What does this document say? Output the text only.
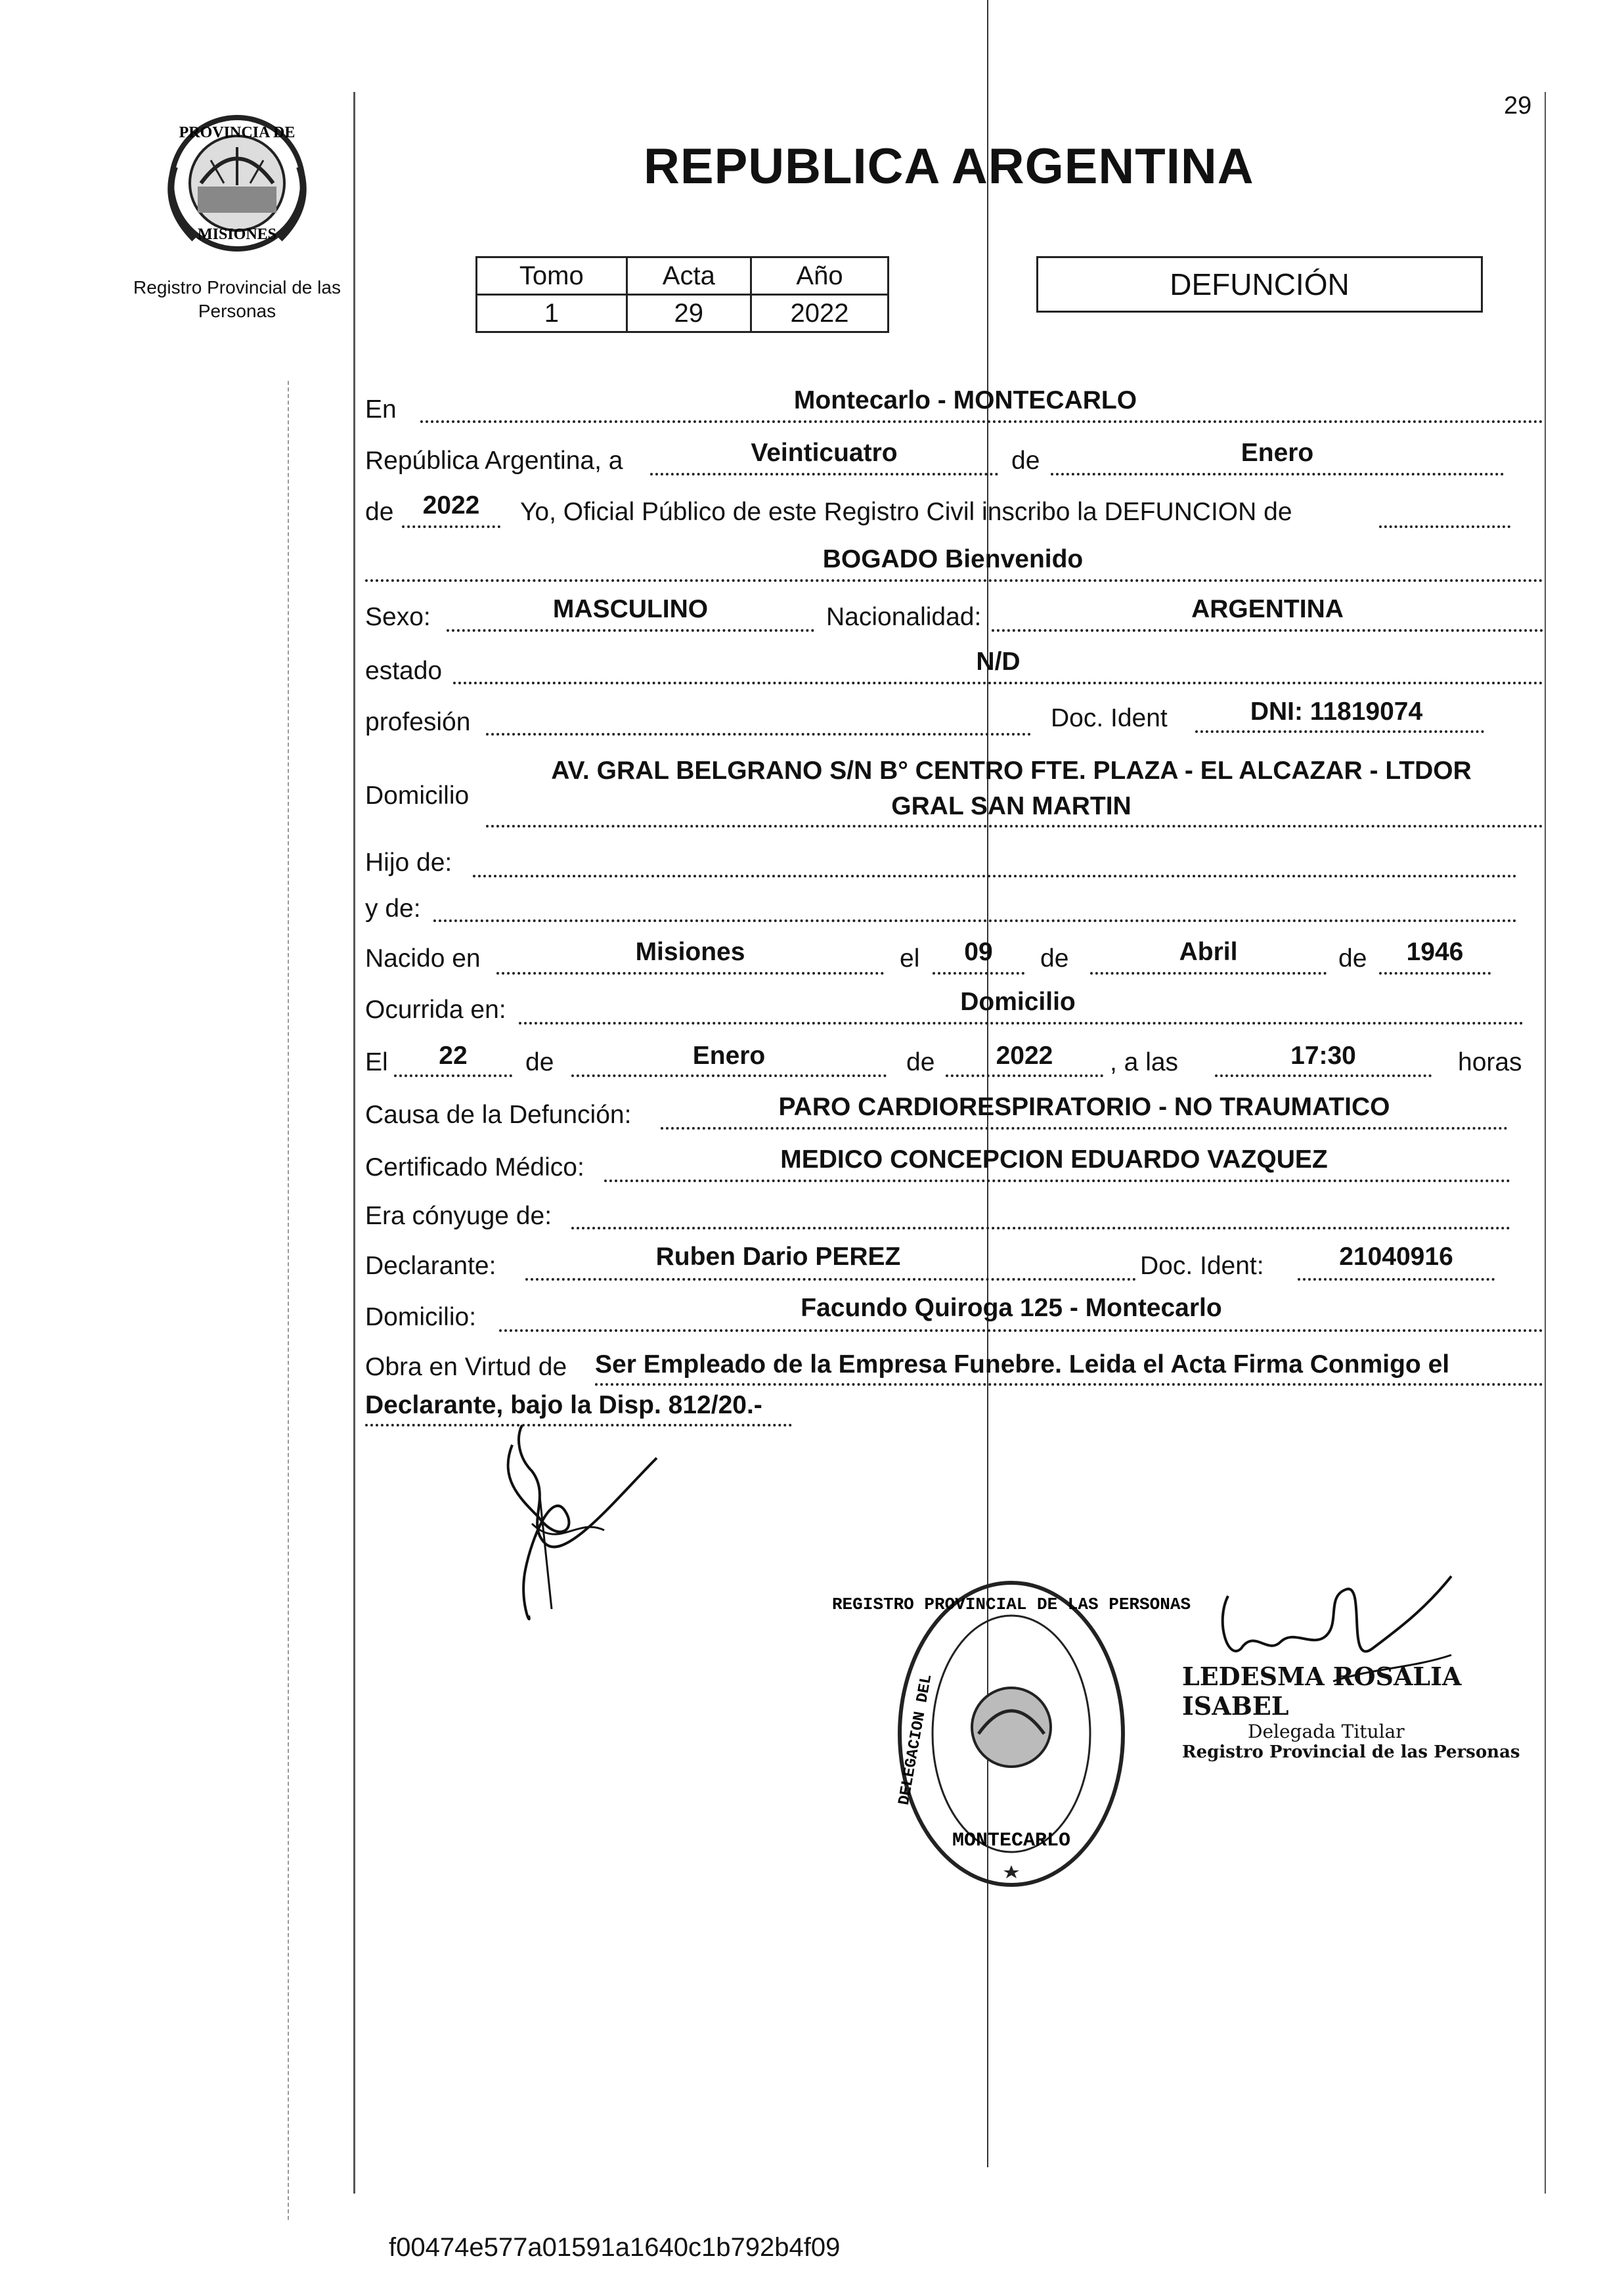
PROVINCIA DE
MISIONES
Registro Provincial de las Personas
29
REPUBLICA ARGENTINA
Tomo	Acta	Año
1	29	2022
DEFUNCIÓN
En	Montecarlo - MONTECARLO
República Argentina, a	Veinticuatro	de	Enero
de	2022	Yo, Oficial Público de este Registro Civil inscribo la DEFUNCION de
BOGADO Bienvenido
Sexo:	MASCULINO	Nacionalidad:	ARGENTINA
estado	N/D
profesión	Doc. Ident	DNI: 11819074
Domicilio
AV. GRAL BELGRANO S/N B° CENTRO FTE. PLAZA - EL ALCAZAR - LTDOR
GRAL SAN MARTIN
Hijo de:
y de:
Nacido en	Misiones	el	09	de	Abril	de	1946
Ocurrida en:	Domicilio
El	22	de	Enero	de	2022	, a las	17:30	horas
Causa de la Defunción:	PARO CARDIORESPIRATORIO - NO TRAUMATICO
Certificado Médico:	MEDICO CONCEPCION EDUARDO VAZQUEZ
Era cónyuge de:
Declarante:	Ruben Dario PEREZ	Doc. Ident:	21040916
Domicilio:	Facundo Quiroga 125 - Montecarlo
Obra en Virtud de Ser Empleado de la Empresa Funebre. Leida el Acta Firma Conmigo el
Declarante, bajo la Disp. 812/20.-
REGISTRO PROVINCIAL DE LAS PERSONAS
DELEGACION DEL
MONTECARLO
LEDESMA ROSALIA ISABEL
Delegada Titular
Registro Provincial de las Personas
f00474e577a01591a1640c1b792b4f09
